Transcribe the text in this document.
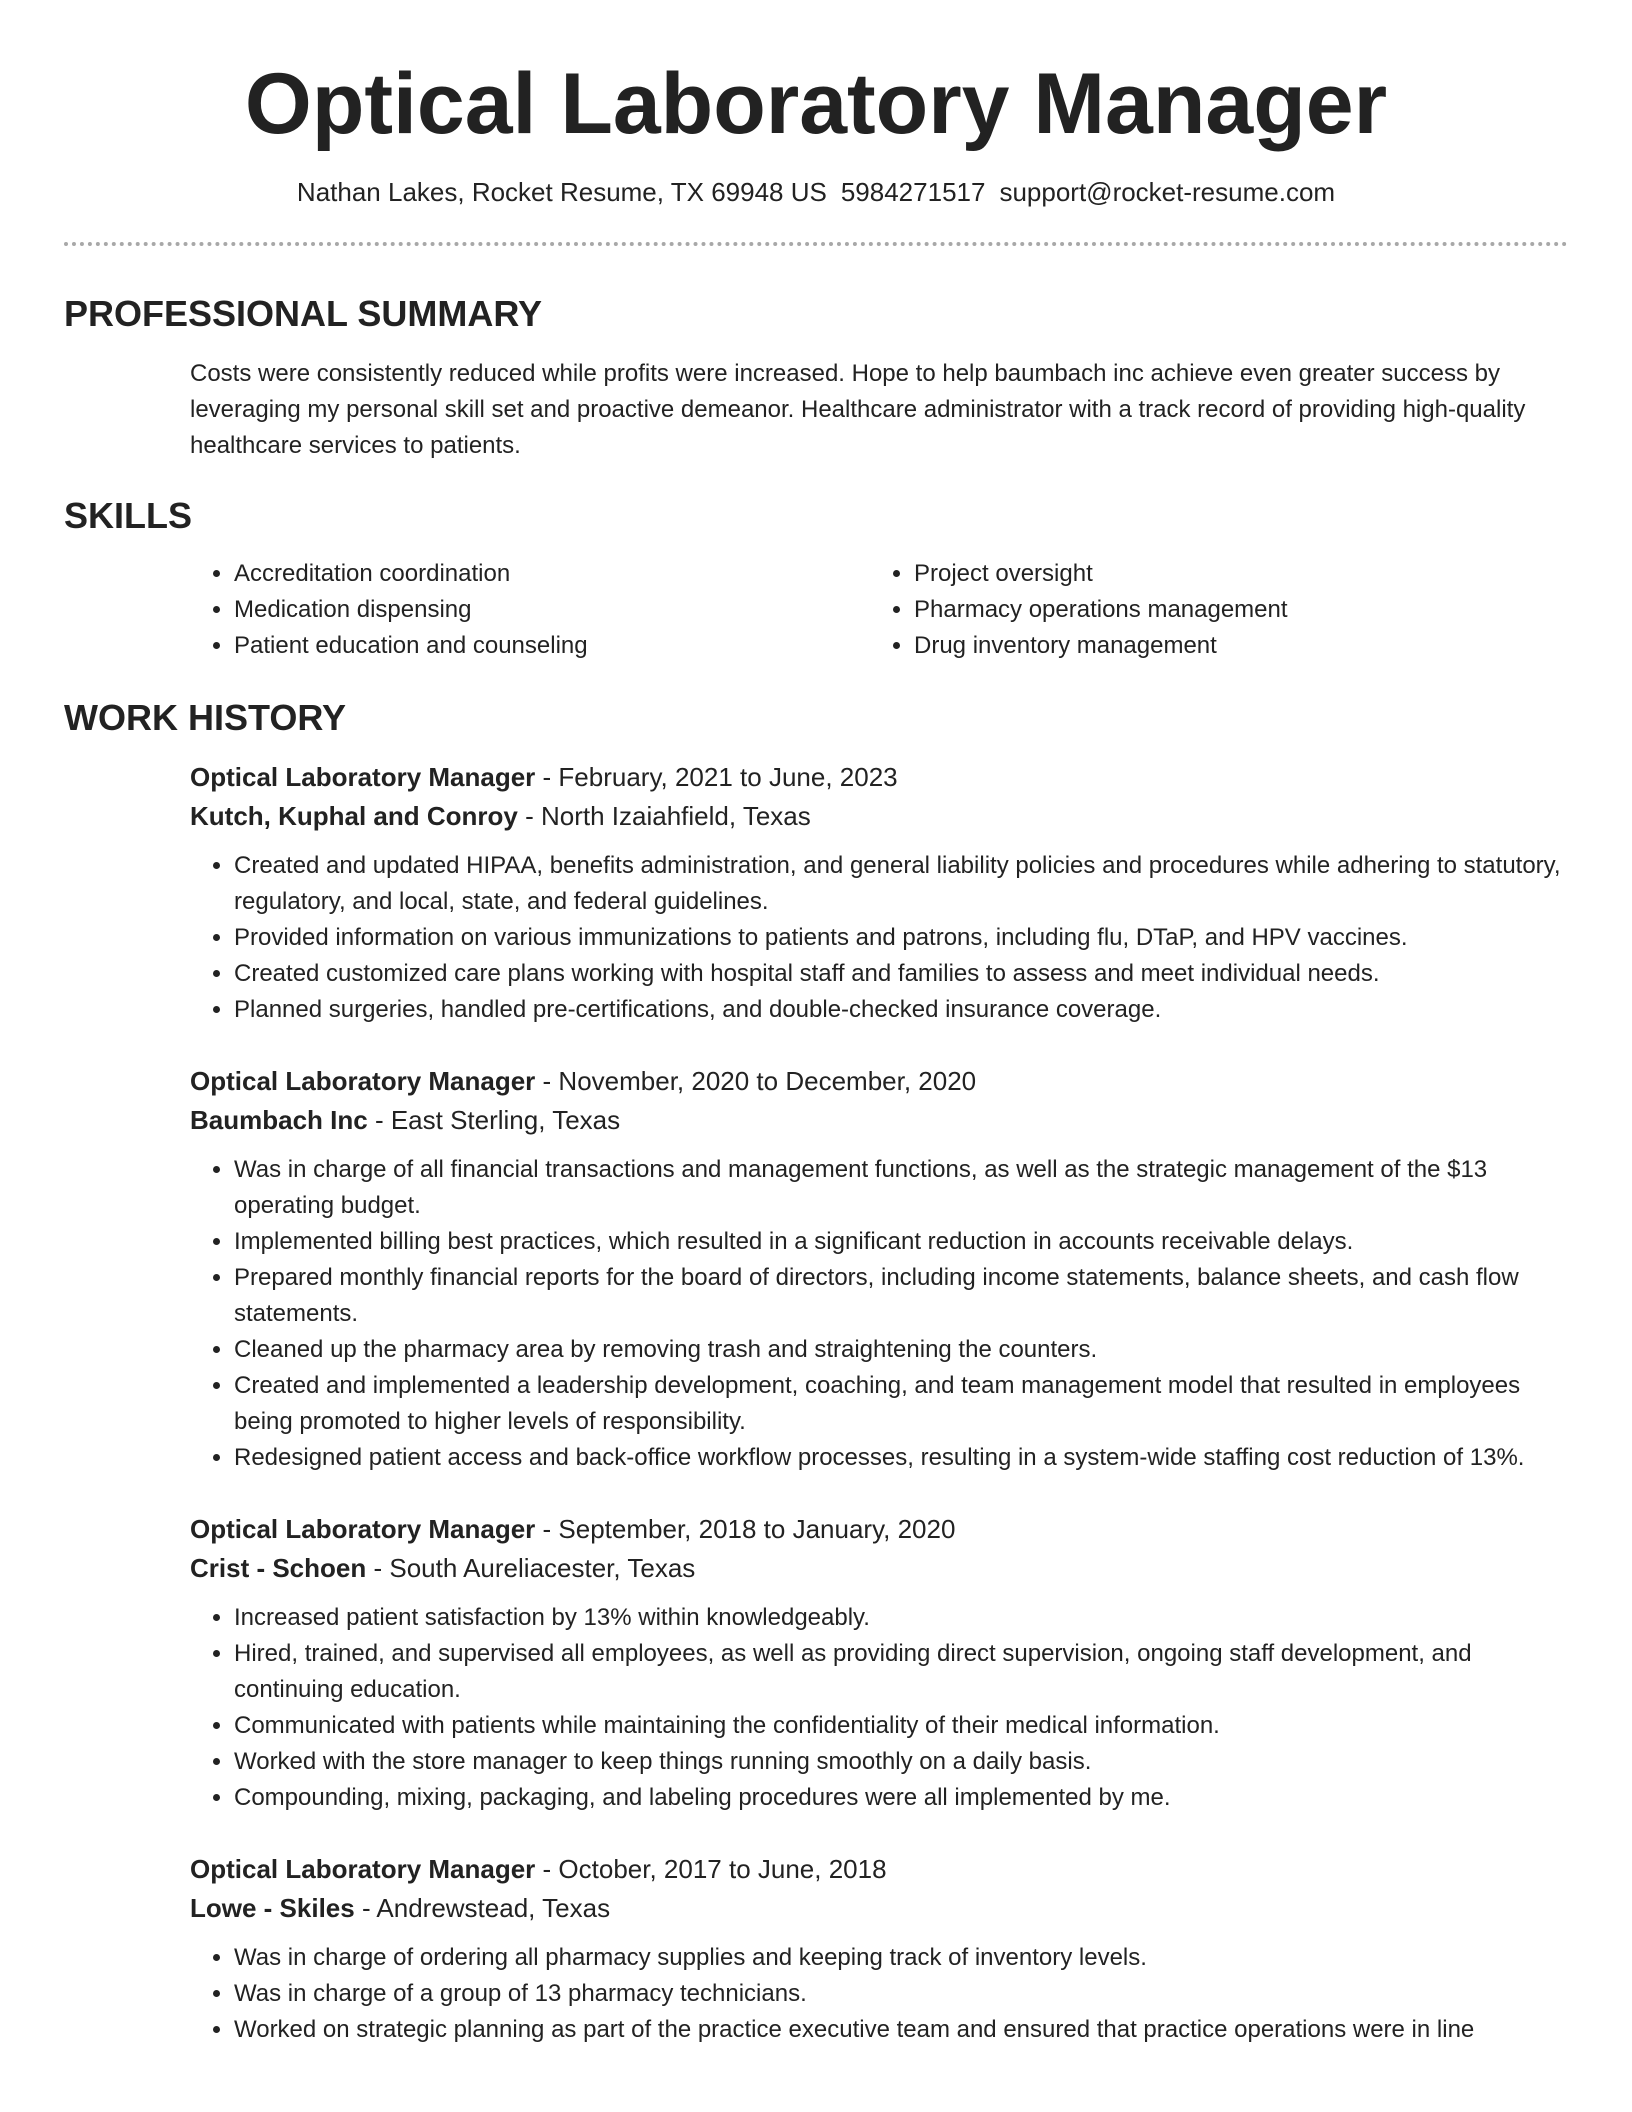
Optical Laboratory Manager
Nathan Lakes, Rocket Resume, TX 69948 US 5984271517 support@rocket-resume.com
PROFESSIONAL SUMMARY
Costs were consistently reduced while profits were increased. Hope to help baumbach inc achieve even greater success by leveraging my personal skill set and proactive demeanor. Healthcare administrator with a track record of providing high-quality healthcare services to patients.
SKILLS
• Accreditation coordination
• Medication dispensing
• Patient education and counseling
• Project oversight
• Pharmacy operations management
• Drug inventory management
WORK HISTORY
Optical Laboratory Manager - February, 2021 to June, 2023
Kutch, Kuphal and Conroy - North Izaiahfield, Texas
• Created and updated HIPAA, benefits administration, and general liability policies and procedures while adhering to statutory, regulatory, and local, state, and federal guidelines.
• Provided information on various immunizations to patients and patrons, including flu, DTaP, and HPV vaccines.
• Created customized care plans working with hospital staff and families to assess and meet individual needs.
• Planned surgeries, handled pre-certifications, and double-checked insurance coverage.
Optical Laboratory Manager - November, 2020 to December, 2020
Baumbach Inc - East Sterling, Texas
• Was in charge of all financial transactions and management functions, as well as the strategic management of the $13 operating budget.
• Implemented billing best practices, which resulted in a significant reduction in accounts receivable delays.
• Prepared monthly financial reports for the board of directors, including income statements, balance sheets, and cash flow statements.
• Cleaned up the pharmacy area by removing trash and straightening the counters.
• Created and implemented a leadership development, coaching, and team management model that resulted in employees being promoted to higher levels of responsibility.
• Redesigned patient access and back-office workflow processes, resulting in a system-wide staffing cost reduction of 13%.
Optical Laboratory Manager - September, 2018 to January, 2020
Crist - Schoen - South Aureliacester, Texas
• Increased patient satisfaction by 13% within knowledgeably.
• Hired, trained, and supervised all employees, as well as providing direct supervision, ongoing staff development, and continuing education.
• Communicated with patients while maintaining the confidentiality of their medical information.
• Worked with the store manager to keep things running smoothly on a daily basis.
• Compounding, mixing, packaging, and labeling procedures were all implemented by me.
Optical Laboratory Manager - October, 2017 to June, 2018
Lowe - Skiles - Andrewstead, Texas
• Was in charge of ordering all pharmacy supplies and keeping track of inventory levels.
• Was in charge of a group of 13 pharmacy technicians.
• Worked on strategic planning as part of the practice executive team and ensured that practice operations were in line
